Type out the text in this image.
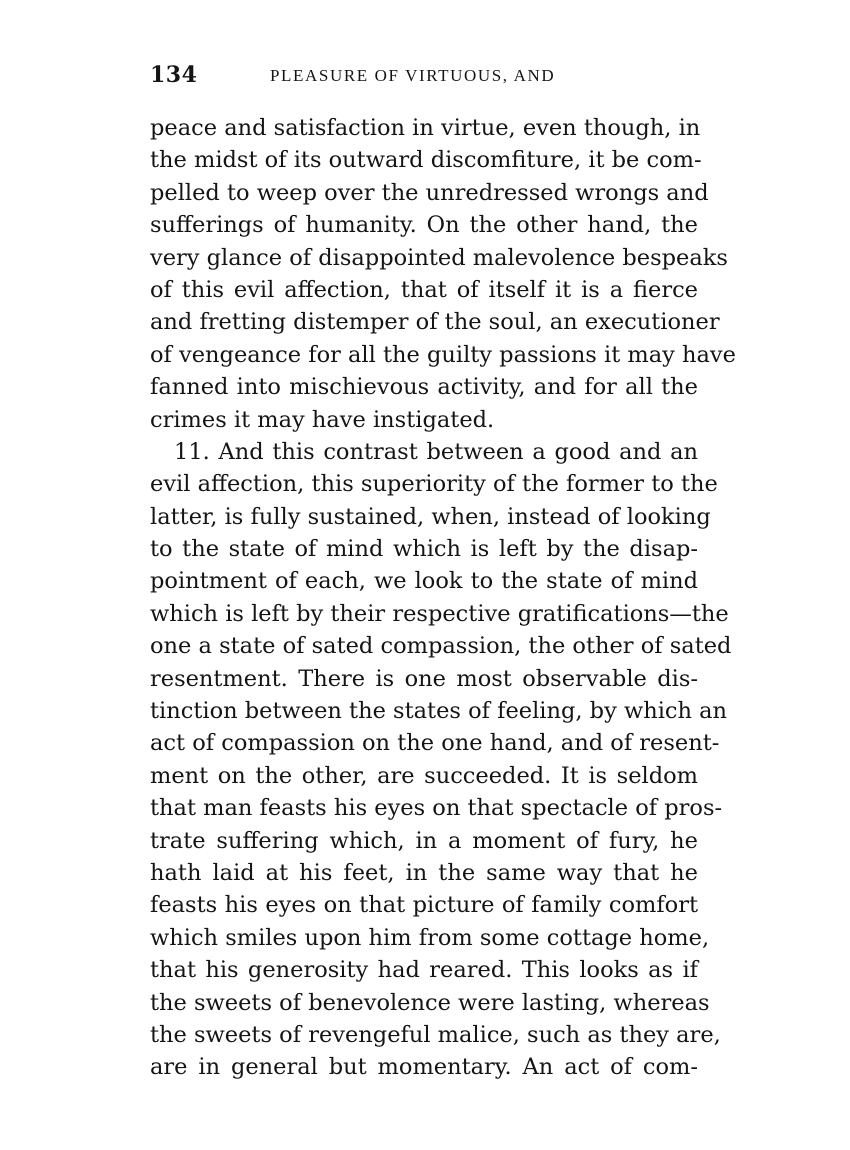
134	PLEASURE OF VIRTUOUS, AND
peace and satisfaction in virtue, even though, in
the midst of its outward discomfiture, it be com-
pelled to weep over the unredressed wrongs and
sufferings of humanity. On the other hand, the
very glance of disappointed malevolence bespeaks
of this evil affection, that of itself it is a fierce
and fretting distemper of the soul, an executioner
of vengeance for all the guilty passions it may have
fanned into mischievous activity, and for all the
crimes it may have instigated.
11. And this contrast between a good and an
evil affection, this superiority of the former to the
latter, is fully sustained, when, instead of looking
to the state of mind which is left by the disap-
pointment of each, we look to the state of mind
which is left by their respective gratifications—the
one a state of sated compassion, the other of sated
resentment. There is one most observable dis-
tinction between the states of feeling, by which an
act of compassion on the one hand, and of resent-
ment on the other, are succeeded. It is seldom
that man feasts his eyes on that spectacle of pros-
trate suffering which, in a moment of fury, he
hath laid at his feet, in the same way that he
feasts his eyes on that picture of family comfort
which smiles upon him from some cottage home,
that his generosity had reared. This looks as if
the sweets of benevolence were lasting, whereas
the sweets of revengeful malice, such as they are,
are in general but momentary. An act of com-
